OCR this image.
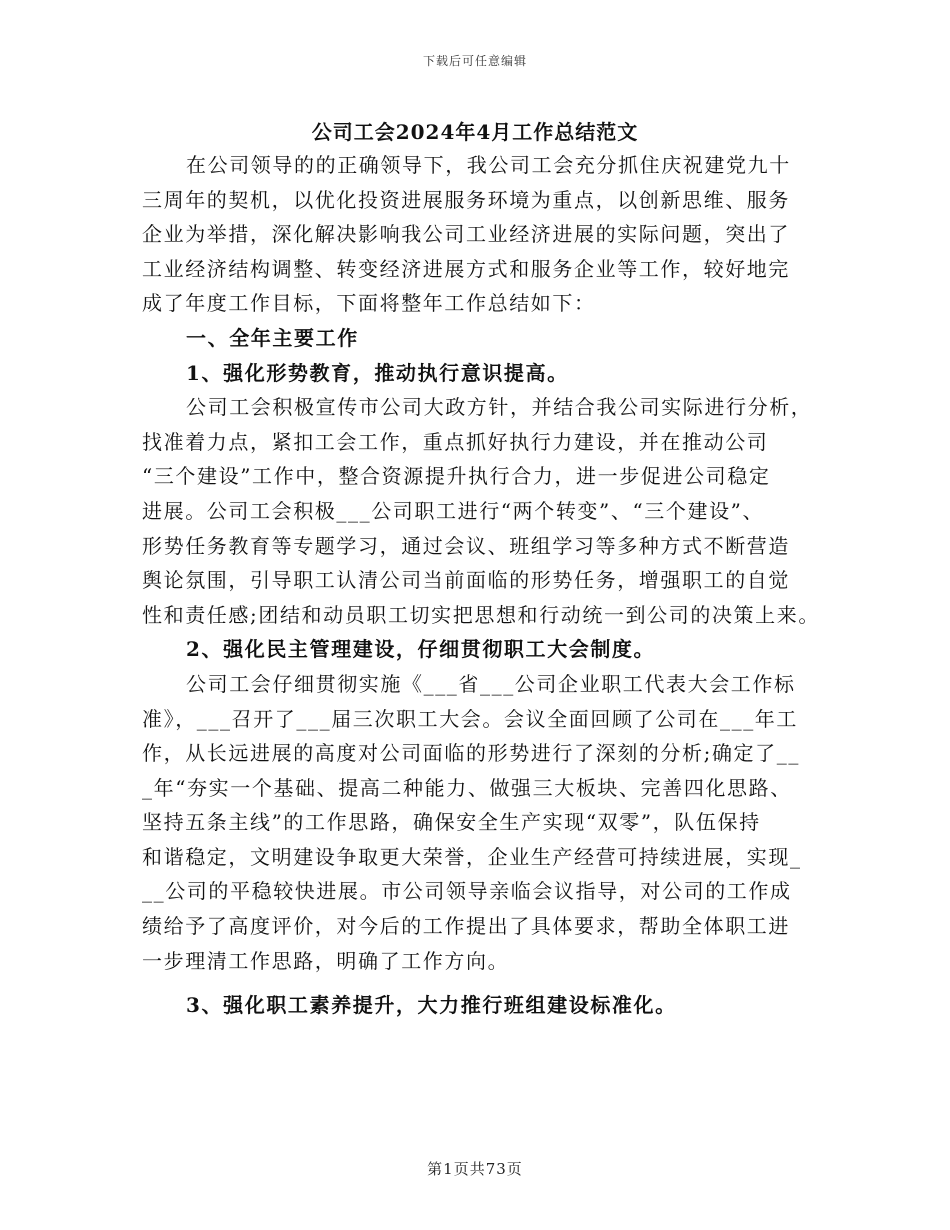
下载后可任意编辑
公司工会2024年4月工作总结范文
在公司领导的的正确领导下，我公司工会充分抓住庆祝建党九十
三周年的契机，以优化投资进展服务环境为重点，以创新思维、服务
企业为举措，深化解决影响我公司工业经济进展的实际问题，突出了
工业经济结构调整、转变经济进展方式和服务企业等工作，较好地完
成了年度工作目标，下面将整年工作总结如下：
一、全年主要工作
1、强化形势教育，推动执行意识提高。
公司工会积极宣传市公司大政方针，并结合我公司实际进行分析，
找准着力点，紧扣工会工作，重点抓好执行力建设，并在推动公司
“三个建设”工作中，整合资源提升执行合力，进一步促进公司稳定
进展。公司工会积极___公司职工进行“两个转变”、“三个建设”、
形势任务教育等专题学习，通过会议、班组学习等多种方式不断营造
舆论氛围，引导职工认清公司当前面临的形势任务，增强职工的自觉
性和责任感;团结和动员职工切实把思想和行动统一到公司的决策上来。
2、强化民主管理建设，仔细贯彻职工大会制度。
公司工会仔细贯彻实施《___省___公司企业职工代表大会工作标
准》，___召开了___届三次职工大会。会议全面回顾了公司在___年工
作，从长远进展的高度对公司面临的形势进行了深刻的分析;确定了__
_年“夯实一个基础、提高二种能力、做强三大板块、完善四化思路、
坚持五条主线”的工作思路，确保安全生产实现“双零”，队伍保持
和谐稳定，文明建设争取更大荣誉，企业生产经营可持续进展，实现_
__公司的平稳较快进展。市公司领导亲临会议指导，对公司的工作成
绩给予了高度评价，对今后的工作提出了具体要求，帮助全体职工进
一步理清工作思路，明确了工作方向。
3、强化职工素养提升，大力推行班组建设标准化。
第1页共73页
